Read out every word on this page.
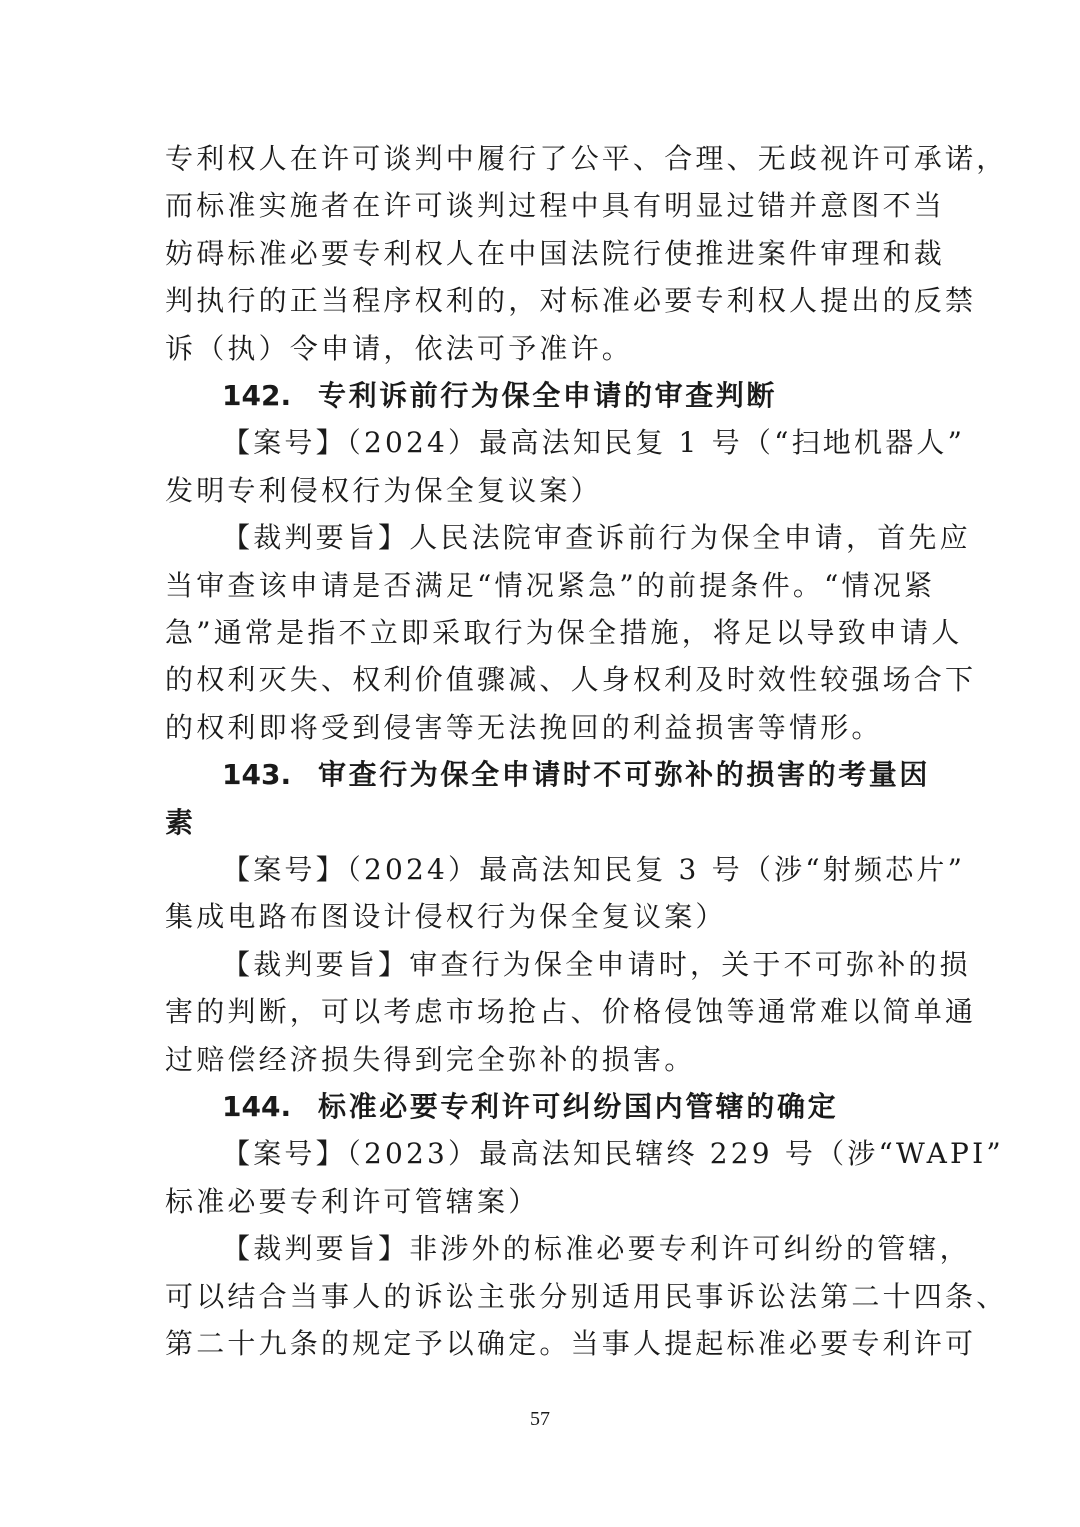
专利权人在许可谈判中履行了公平、合理、无歧视许可承诺，
而标准实施者在许可谈判过程中具有明显过错并意图不当
妨碍标准必要专利权人在中国法院行使推进案件审理和裁
判执行的正当程序权利的，对标准必要专利权人提出的反禁
诉（执）令申请，依法可予准许。
142. 专利诉前行为保全申请的审查判断
【案号】（2024）最高法知民复 1 号（“扫地机器人”
发明专利侵权行为保全复议案）
【裁判要旨】人民法院审查诉前行为保全申请，首先应
当审查该申请是否满足“情况紧急”的前提条件。“情况紧
急”通常是指不立即采取行为保全措施，将足以导致申请人
的权利灭失、权利价值骤减、人身权利及时效性较强场合下
的权利即将受到侵害等无法挽回的利益损害等情形。
143. 审查行为保全申请时不可弥补的损害的考量因
素
【案号】（2024）最高法知民复 3 号（涉“射频芯片”
集成电路布图设计侵权行为保全复议案）
【裁判要旨】审查行为保全申请时，关于不可弥补的损
害的判断，可以考虑市场抢占、价格侵蚀等通常难以简单通
过赔偿经济损失得到完全弥补的损害。
144. 标准必要专利许可纠纷国内管辖的确定
【案号】（2023）最高法知民辖终 229 号（涉“WAPI”
标准必要专利许可管辖案）
【裁判要旨】非涉外的标准必要专利许可纠纷的管辖，
可以结合当事人的诉讼主张分别适用民事诉讼法第二十四条、
第二十九条的规定予以确定。当事人提起标准必要专利许可
57
